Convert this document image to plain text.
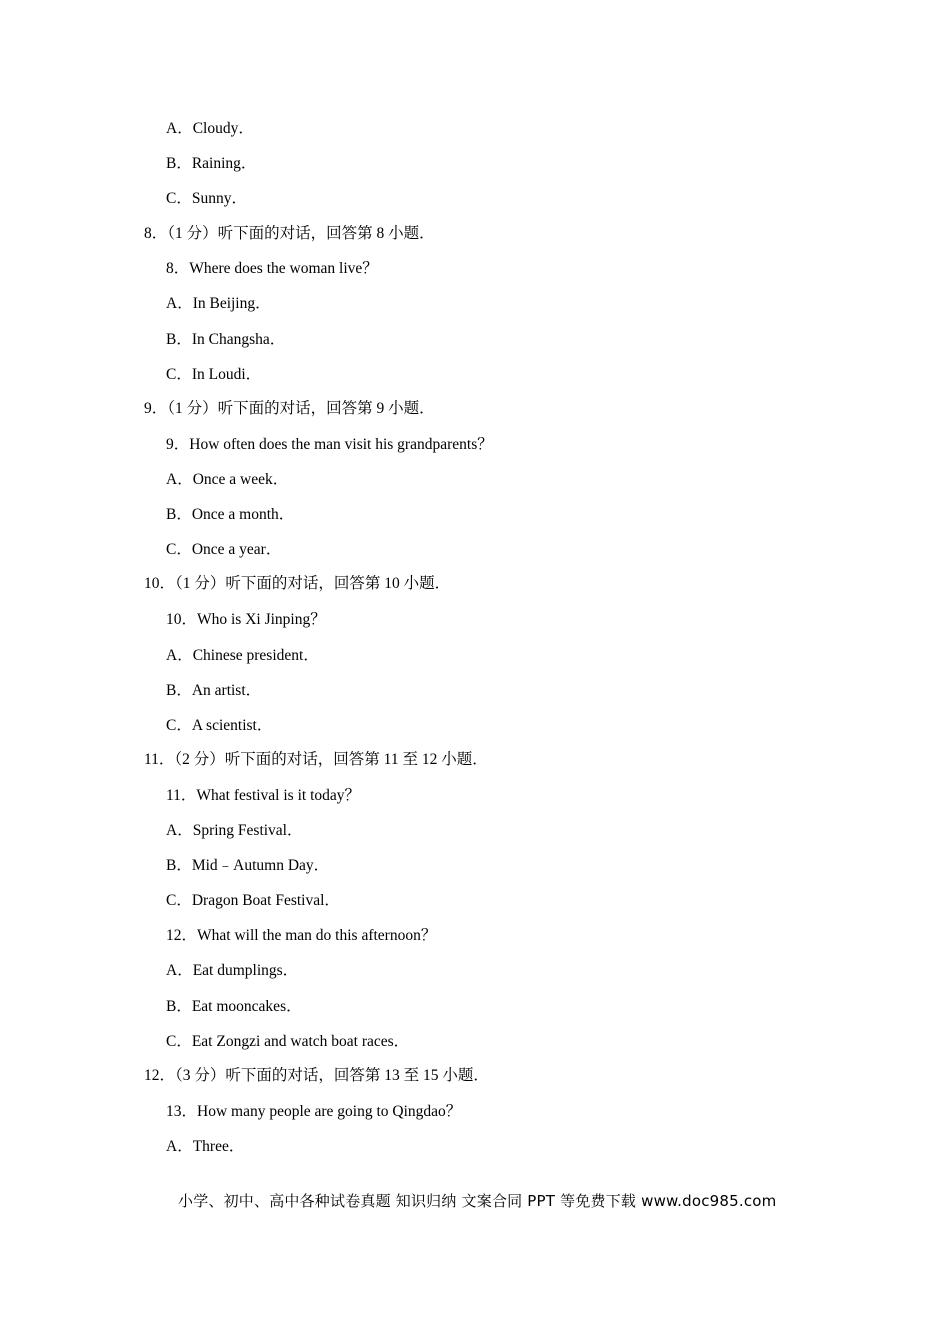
A．Cloudy．
B．Raining．
C．Sunny．
8．（1 分）听下面的对话，回答第 8 小题．
8．Where does the woman live？
A．In Beijing．
B．In Changsha．
C．In Loudi．
9．（1 分）听下面的对话，回答第 9 小题．
9．How often does the man visit his grandparents？
A．Once a week．
B．Once a month．
C．Once a year．
10．（1 分）听下面的对话，回答第 10 小题．
10．Who is Xi Jinping？
A．Chinese president．
B．An artist．
C．A scientist．
11．（2 分）听下面的对话，回答第 11 至 12 小题．
11．What festival is it today？
A．Spring Festival．
B．Mid﹣Autumn Day．
C．Dragon Boat Festival．
12．What will the man do this afternoon？
A．Eat dumplings．
B．Eat mooncakes．
C．Eat Zongzi and watch boat races．
12．（3 分）听下面的对话，回答第 13 至 15 小题．
13．How many people are going to Qingdao？
A．Three．
小学、初中、高中各种试卷真题 知识归纳 文案合同 PPT 等免费下载 www.doc985.com
